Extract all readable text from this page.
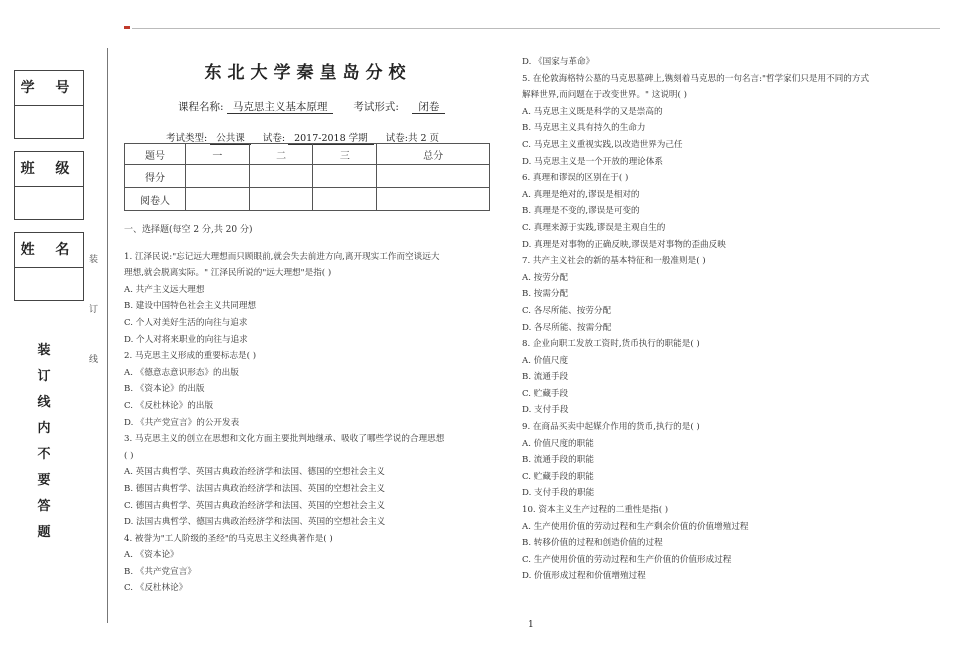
学 号
班 级
姓 名
装
订
线
装
订
线
内
不
要
答
题
东北大学秦皇岛分校
课程名称: 马克思主义基本原理 考试形式: 闭卷
考试类型: 公共课 试卷: 2017-2018 学期 试卷:共 2 页
题号	一	二	三	总分
得分				
阅卷人				
一、选择题(每空 2 分,共 20 分)
1. 江泽民说:"忘记远大理想而只顾眼前,就会失去前进方向,离开现实工作而空谈远大
理想,就会脱离实际。" 江泽民所说的"远大理想"是指( )
A. 共产主义远大理想
B. 建设中国特色社会主义共同理想
C. 个人对美好生活的向往与追求
D. 个人对将来职业的向往与追求
2. 马克思主义形成的重要标志是( )
A. 《德意志意识形态》的出版
B. 《资本论》的出版
C. 《反杜林论》的出版
D. 《共产党宣言》的公开发表
3. 马克思主义的创立在思想和文化方面主要批判地继承、吸收了哪些学说的合理思想
( )
A. 英国古典哲学、英国古典政治经济学和法国、德国的空想社会主义
B. 德国古典哲学、法国古典政治经济学和法国、英国的空想社会主义
C. 德国古典哲学、英国古典政治经济学和法国、英国的空想社会主义
D. 法国古典哲学、德国古典政治经济学和法国、英国的空想社会主义
4. 被誉为"工人阶级的圣经"的马克思主义经典著作是( )
A. 《资本论》
B. 《共产党宣言》
C. 《反杜林论》
D. 《国家与革命》
5. 在伦敦海格特公墓的马克思墓碑上,镌刻着马克思的一句名言:"哲学家们只是用不同的方式
解释世界,而问题在于改变世界。" 这说明( )
A. 马克思主义既是科学的又是崇高的
B. 马克思主义具有持久的生命力
C. 马克思主义重视实践,以改造世界为己任
D. 马克思主义是一个开放的理论体系
6. 真理和谬误的区别在于( )
A. 真理是绝对的,谬误是相对的
B. 真理是不变的,谬误是可变的
C. 真理来源于实践,谬误是主观自生的
D. 真理是对事物的正确反映,谬误是对事物的歪曲反映
7. 共产主义社会的新的基本特征和一般准则是( )
A. 按劳分配
B. 按需分配
C. 各尽所能、按劳分配
D. 各尽所能、按需分配
8. 企业向职工发放工资时,货币执行的职能是( )
A. 价值尺度
B. 流通手段
C. 贮藏手段
D. 支付手段
9. 在商品买卖中起媒介作用的货币,执行的是( )
A. 价值尺度的职能
B. 流通手段的职能
C. 贮藏手段的职能
D. 支付手段的职能
10. 资本主义生产过程的二重性是指( )
A. 生产使用价值的劳动过程和生产剩余价值的价值增殖过程
B. 转移价值的过程和创造价值的过程
C. 生产使用价值的劳动过程和生产价值的价值形成过程
D. 价值形成过程和价值增殖过程
1
